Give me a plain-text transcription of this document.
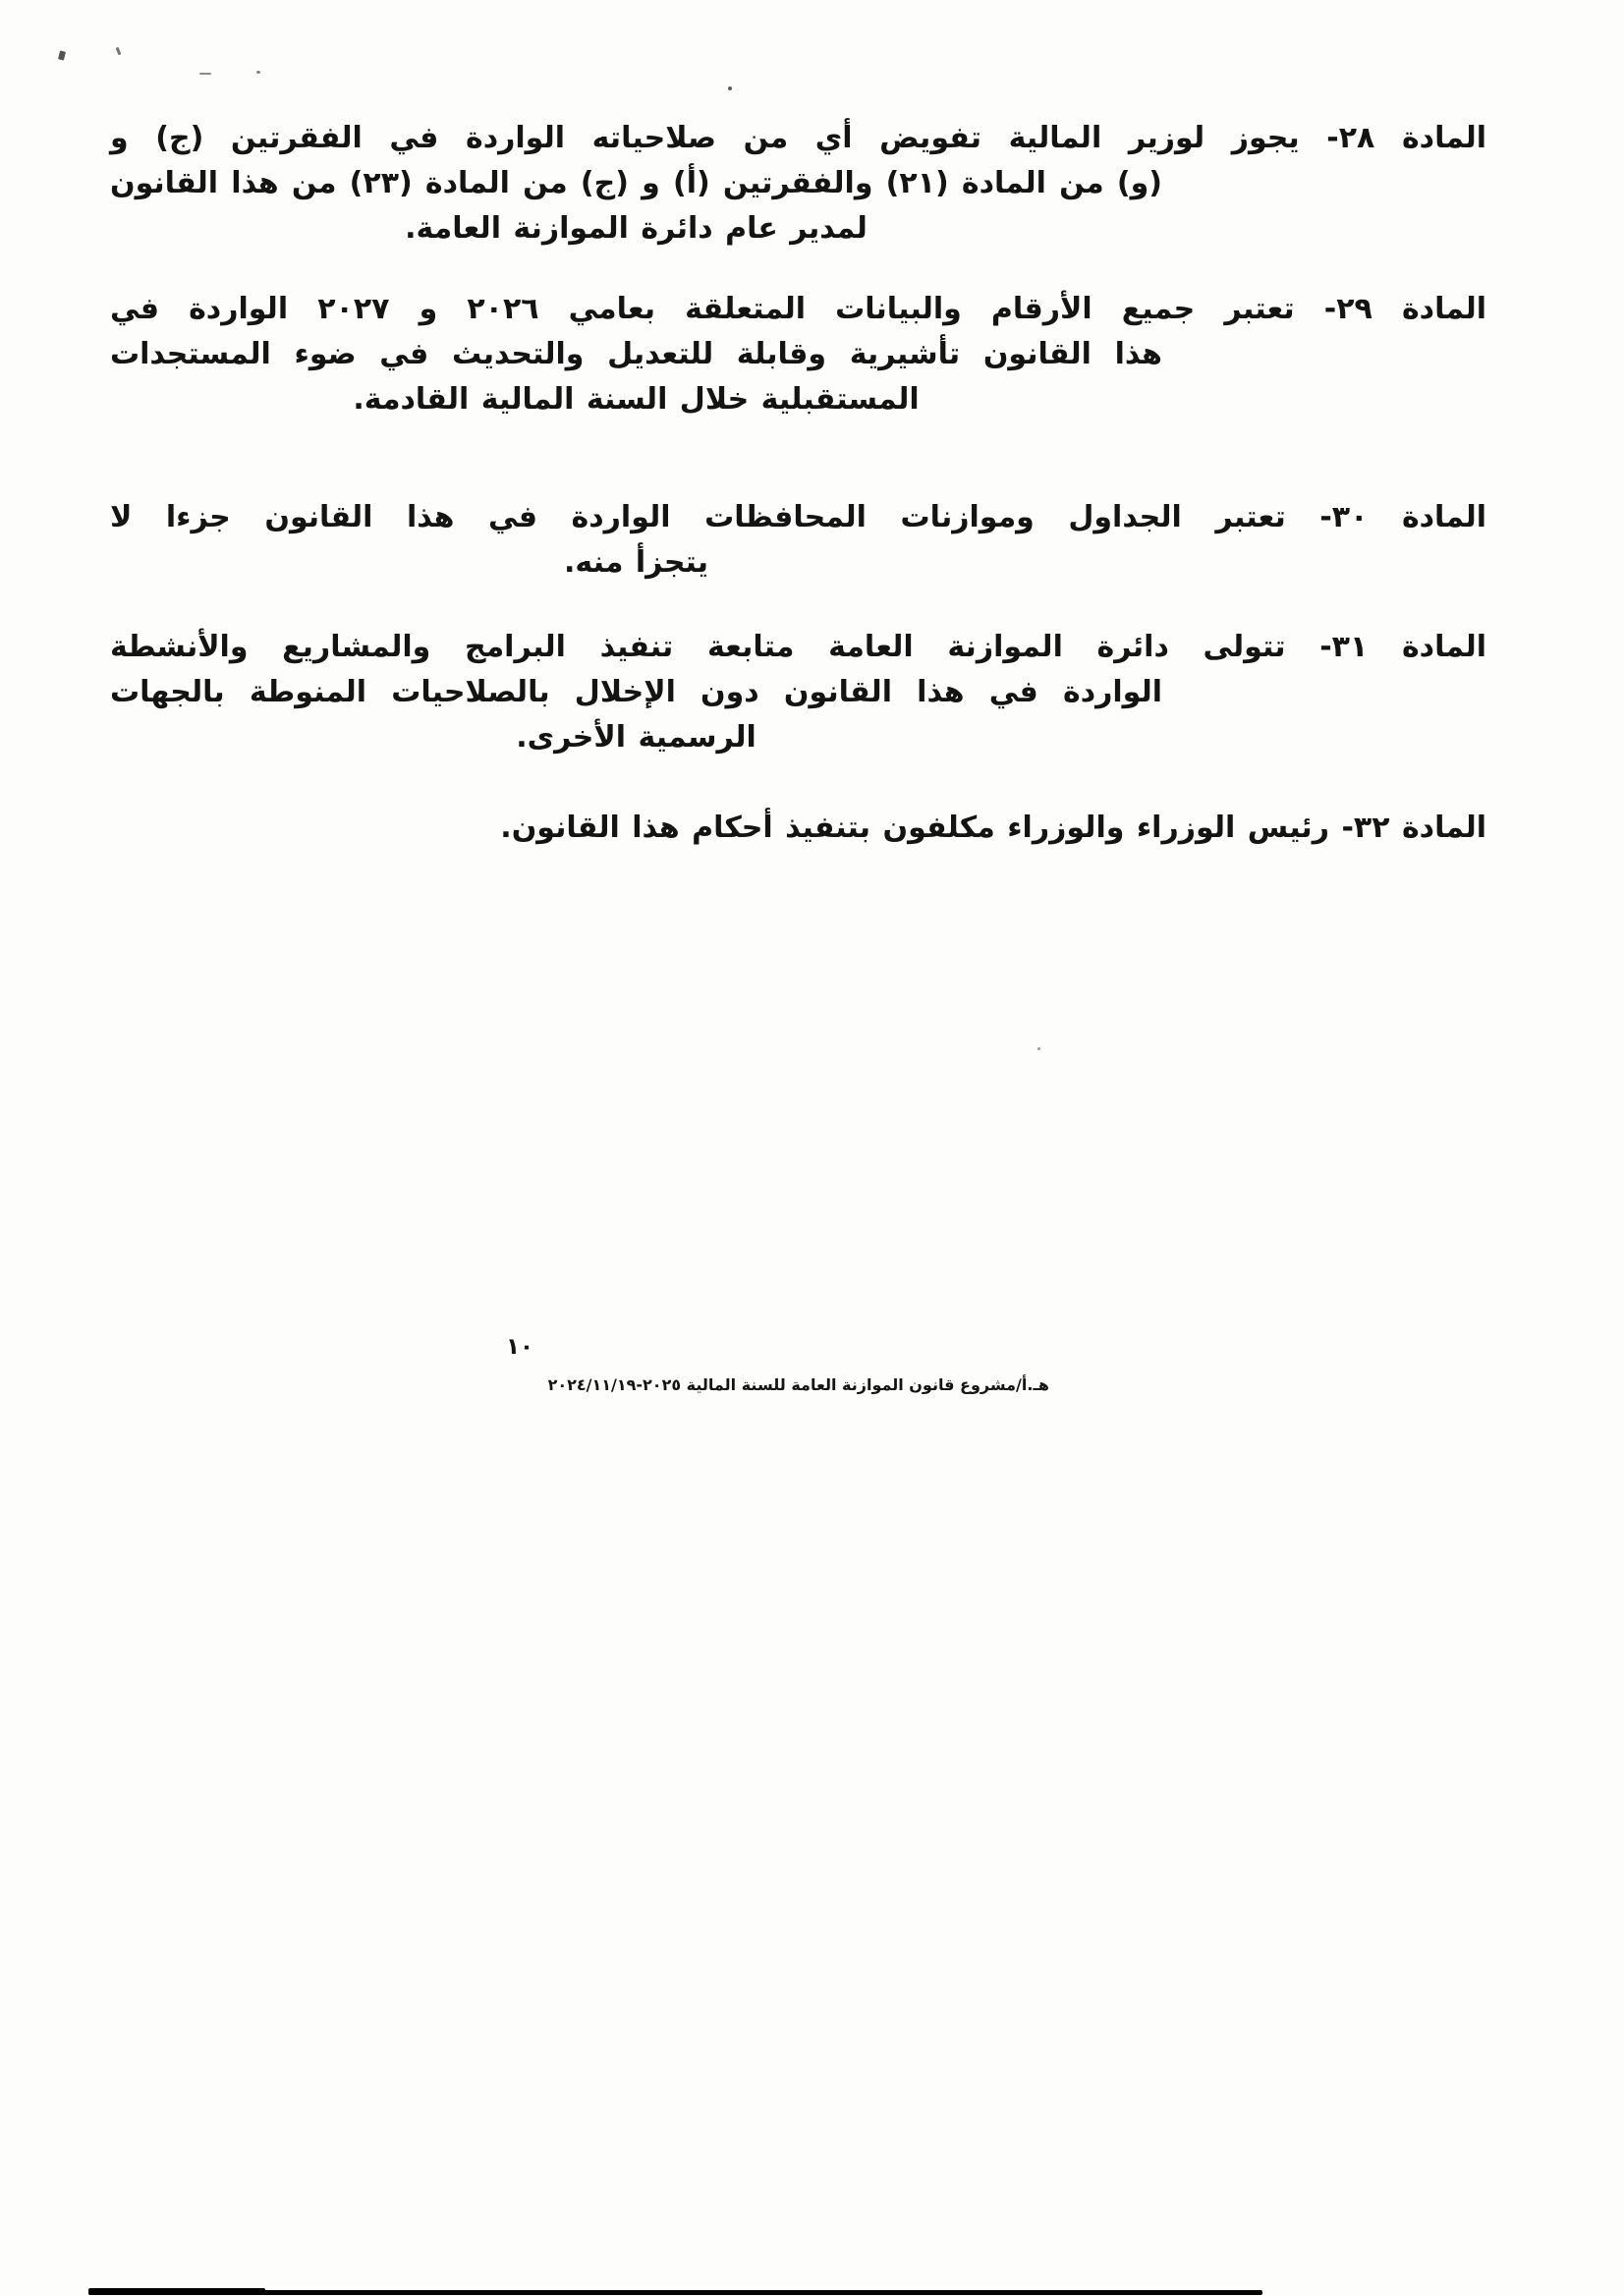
المادة ٢٨- يجوز لوزير المالية تفويض أي من صلاحياته الواردة في الفقرتين (ج) و
(و) من المادة (٢١) والفقرتين (أ) و (ج) من المادة (٢٣) من هذا القانون
لمدير عام دائرة الموازنة العامة.
المادة ٢٩- تعتبر جميع الأرقام والبيانات المتعلقة بعامي ٢٠٢٦ و ٢٠٢٧ الواردة في
هذا القانون تأشيرية وقابلة للتعديل والتحديث في ضوء المستجدات
المستقبلية خلال السنة المالية القادمة.
المادة ٣٠- تعتبر الجداول وموازنات المحافظات الواردة في هذا القانون جزءا لا
يتجزأ منه.
المادة ٣١- تتولى دائرة الموازنة العامة متابعة تنفيذ البرامج والمشاريع والأنشطة
الواردة في هذا القانون دون الإخلال بالصلاحيات المنوطة بالجهات
الرسمية الأخرى.
المادة ٣٢- رئيس الوزراء والوزراء مكلفون بتنفيذ أحكام هذا القانون.
١٠
هـ.أ/مشروع قانون الموازنة العامة للسنة المالية ٢٠٢٥-٢٠٢٤/١١/١٩
